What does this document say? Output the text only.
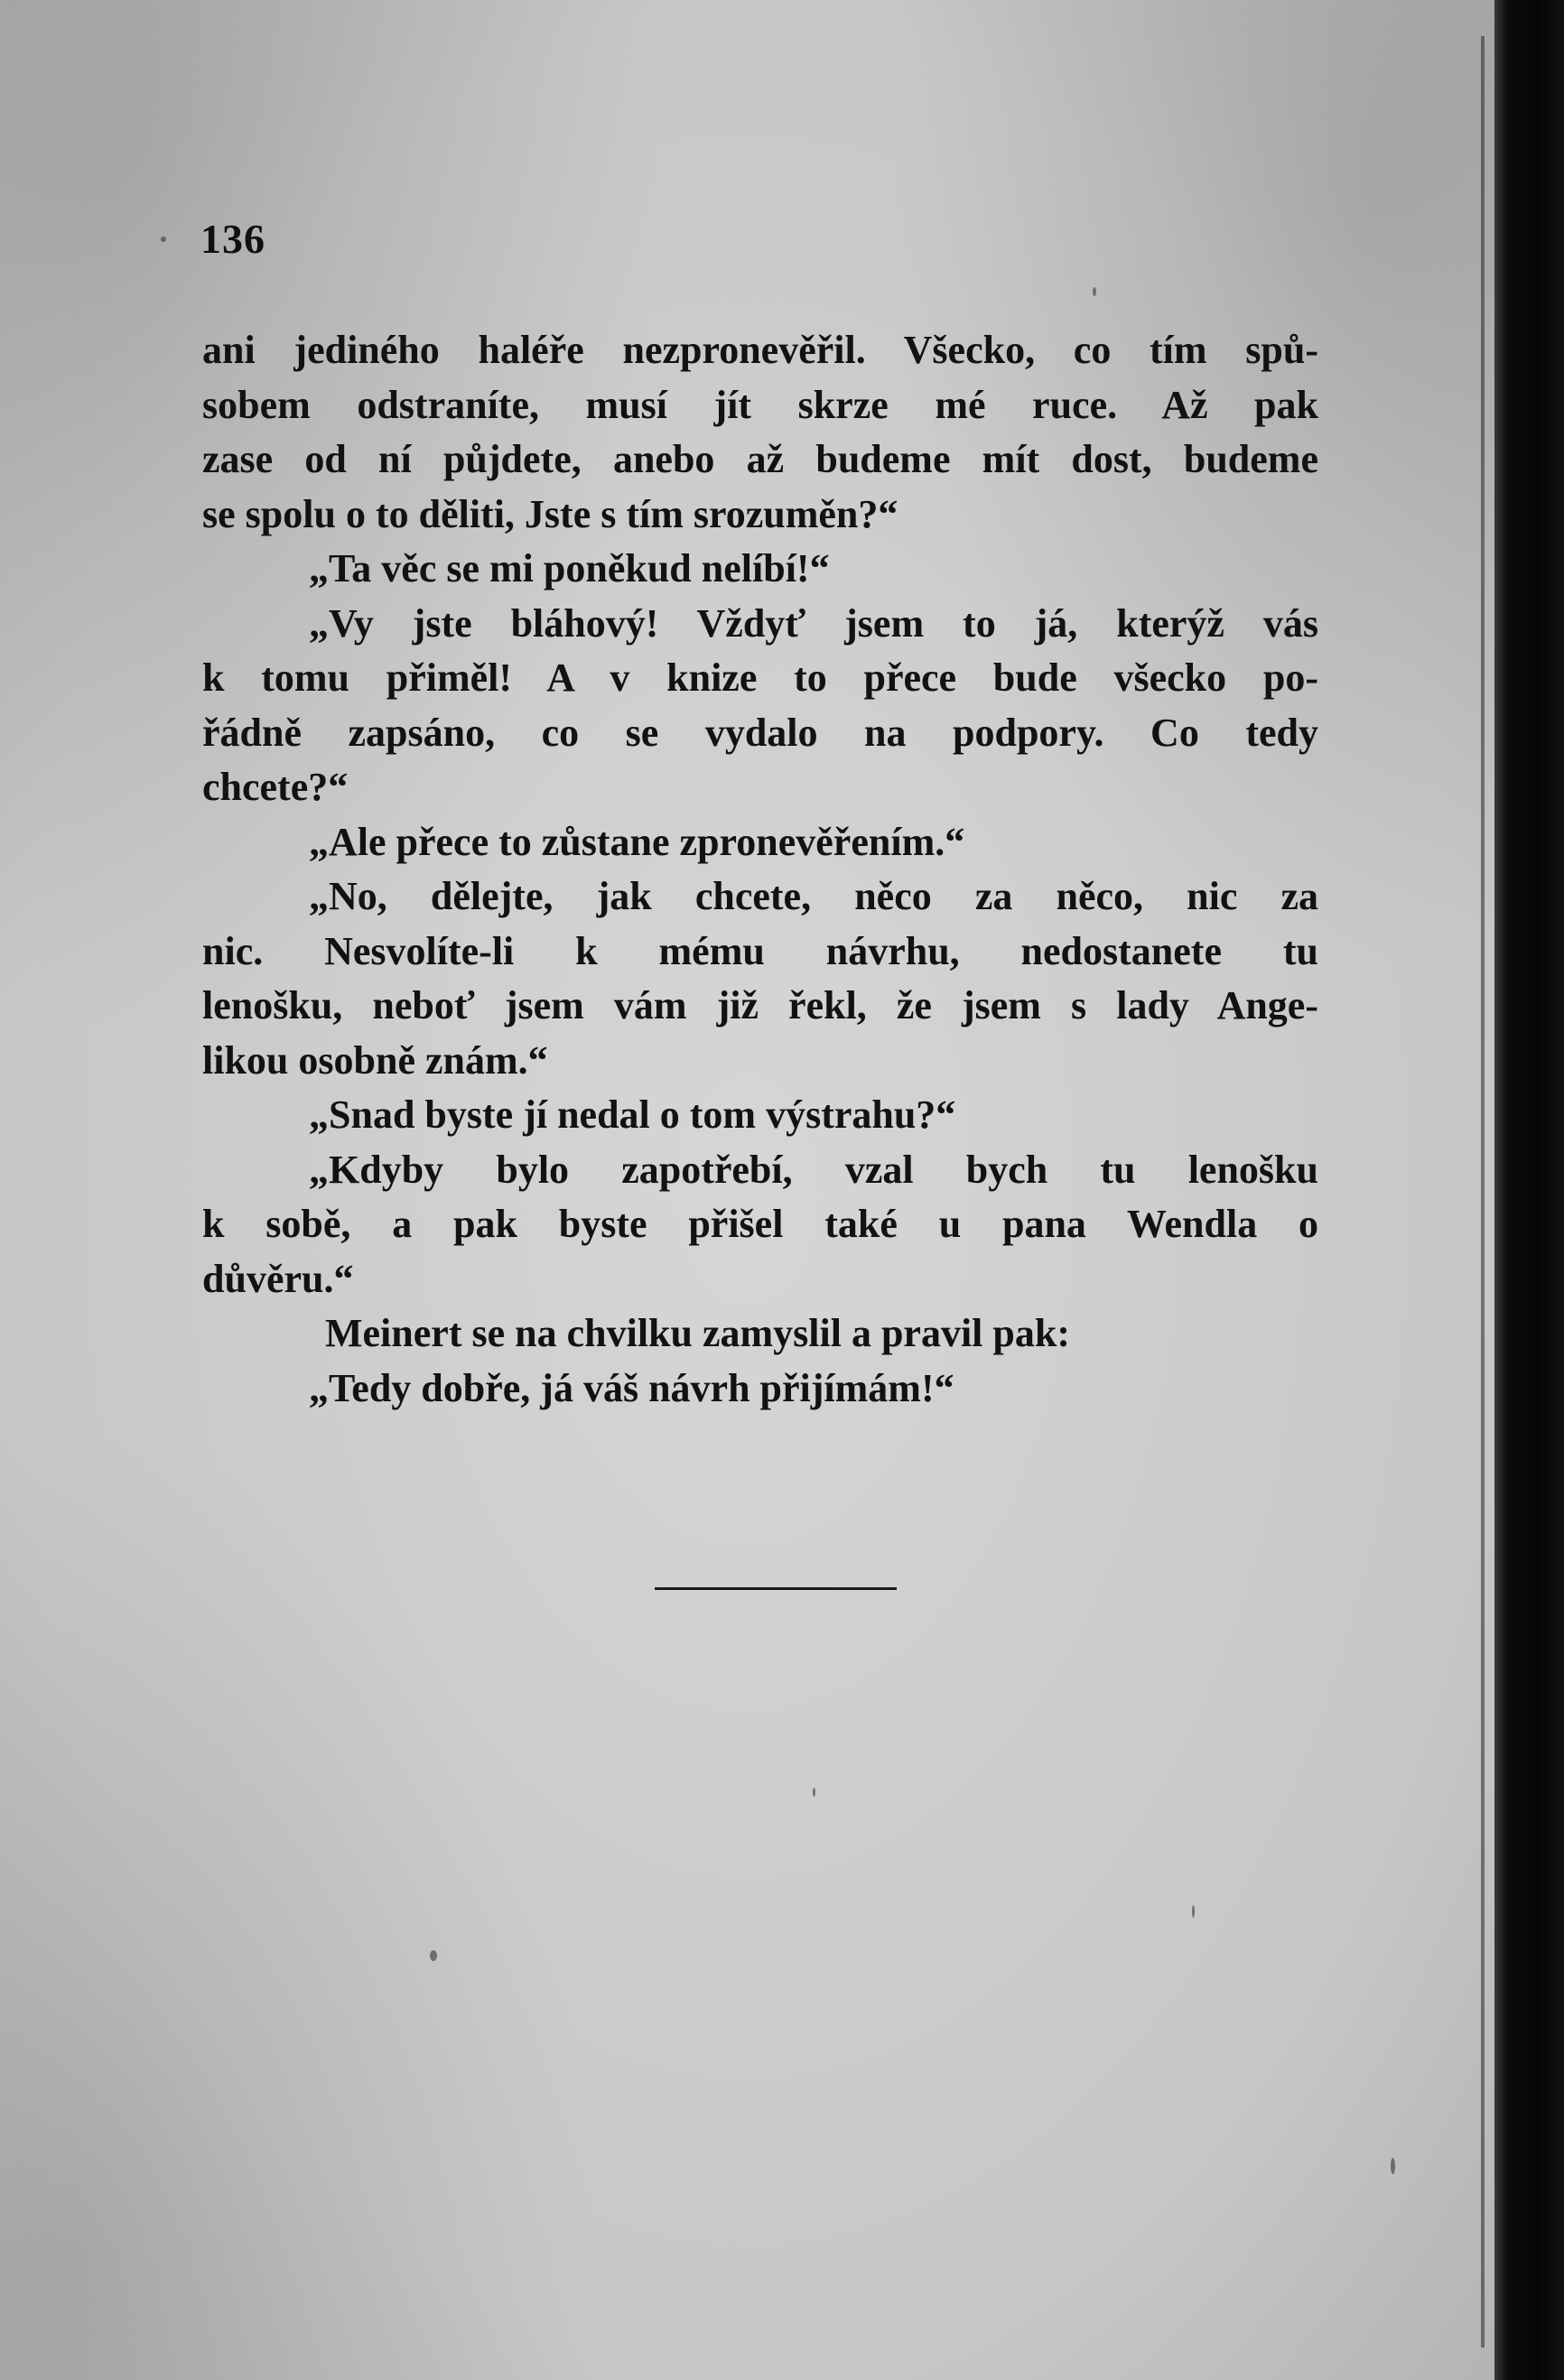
136
ani jediného haléře nezpronevěřil. Všecko, co tím spů-
sobem odstraníte, musí jít skrze mé ruce. Až pak
zase od ní půjdete, anebo až budeme mít dost, budeme
se spolu o to děliti, Jste s tím srozuměn?“
„Ta věc se mi poněkud nelíbí!“
„Vy jste bláhový! Vždyť jsem to já, kterýž vás
k tomu přiměl! A v knize to přece bude všecko po-
řádně zapsáno, co se vydalo na podpory. Co tedy
chcete?“
„Ale přece to zůstane zpronevěřením.“
„No, dělejte, jak chcete, něco za něco, nic za
nic. Nesvolíte-li k mému návrhu, nedostanete tu
lenošku, neboť jsem vám již řekl, že jsem s lady Ange-
likou osobně znám.“
„Snad byste jí nedal o tom výstrahu?“
„Kdyby bylo zapotřebí, vzal bych tu lenošku
k sobě, a pak byste přišel také u pana Wendla o
důvěru.“
Meinert se na chvilku zamyslil a pravil pak:
„Tedy dobře, já váš návrh přijímám!“
